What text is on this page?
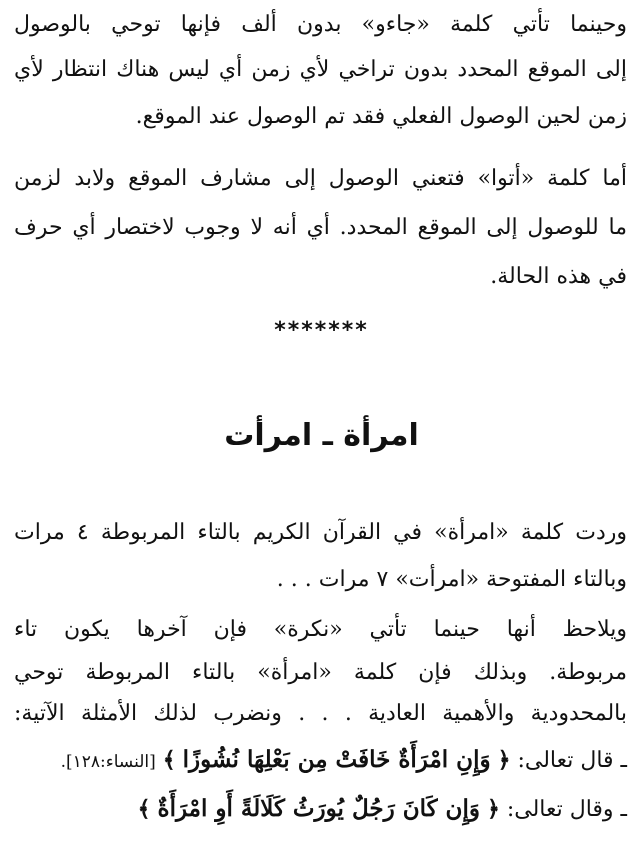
وحينما تأتي كلمة «جاءو» بدون ألف فإنها توحي بالوصول
إلى الموقع المحدد بدون تراخي لأي زمن أي ليس هناك انتظار لأي
زمن لحين الوصول الفعلي فقد تم الوصول عند الموقع.
أما كلمة «أتوا» فتعني الوصول إلى مشارف الموقع ولابد لزمن
ما للوصول إلى الموقع المحدد. أي أنه لا وجوب لاختصار أي حرف
في هذه الحالة.
*******
امرأة ـ امرأت
وردت كلمة «امرأة» في القرآن الكريم بالتاء المربوطة ٤ مرات
وبالتاء المفتوحة «امرأت» ٧ مرات . . .
ويلاحظ أنها حينما تأتي «نكرة» فإن آخرها يكون تاء
مربوطة. وبذلك فإن كلمة «امرأة» بالتاء المربوطة توحي
بالمحدودية والأهمية العادية . . . ونضرب لذلك الأمثلة الآتية:
ـ قال تعالى: ﴿ وَإِنِ امْرَأَةٌ خَافَتْ مِن بَعْلِهَا نُشُوزًا ﴾ [النساء:١٢٨].
ـ وقال تعالى: ﴿ وَإِن كَانَ رَجُلٌ يُورَثُ كَلَالَةً أَوِ امْرَأَةٌ ﴾
